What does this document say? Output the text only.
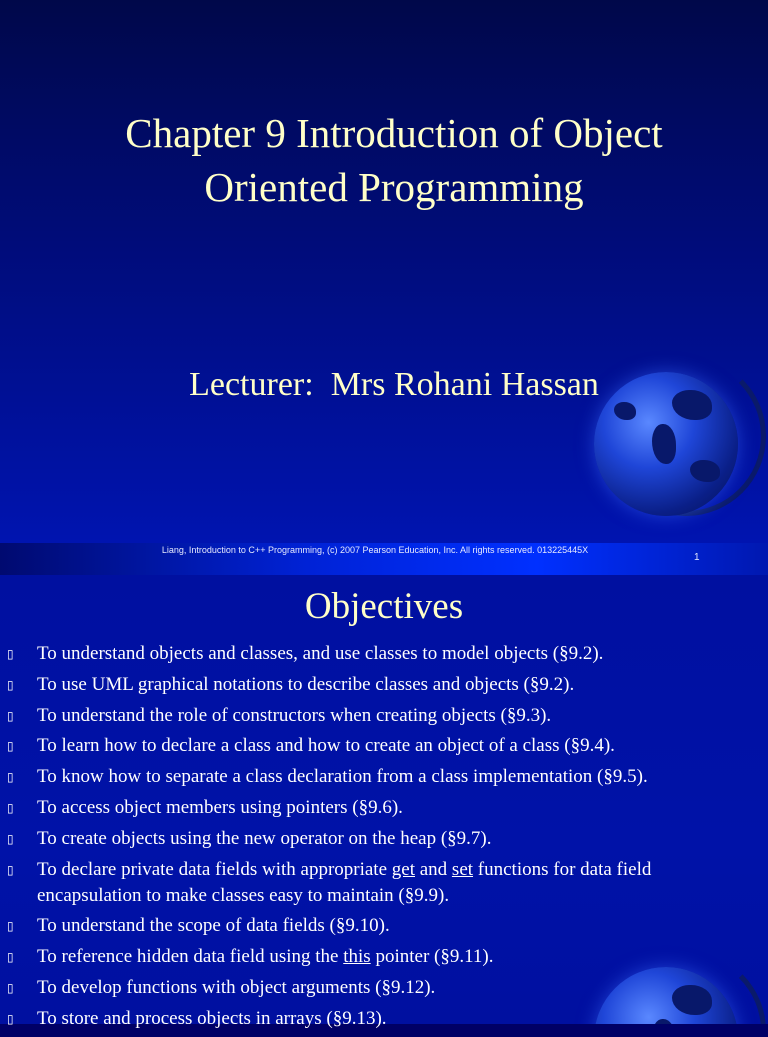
Chapter 9 Introduction of Object Oriented Programming
Lecturer:  Mrs Rohani Hassan
Liang, Introduction to C++ Programming, (c) 2007 Pearson Education, Inc. All rights reserved. 013225445X
1
Objectives
▯ To understand objects and classes, and use classes to model objects (§9.2).
▯ To use UML graphical notations to describe classes and objects (§9.2).
▯ To understand the role of constructors when creating objects (§9.3).
▯ To learn how to declare a class and how to create an object of a class (§9.4).
▯ To know how to separate a class declaration from a class implementation (§9.5).
▯ To access object members using pointers (§9.6).
▯ To create objects using the new operator on the heap (§9.7).
▯ To declare private data fields with appropriate get and set functions for data field encapsulation to make classes easy to maintain (§9.9).
▯ To understand the scope of data fields (§9.10).
▯ To reference hidden data field using the this pointer (§9.11).
▯ To develop functions with object arguments (§9.12).
▯ To store and process objects in arrays (§9.13).
